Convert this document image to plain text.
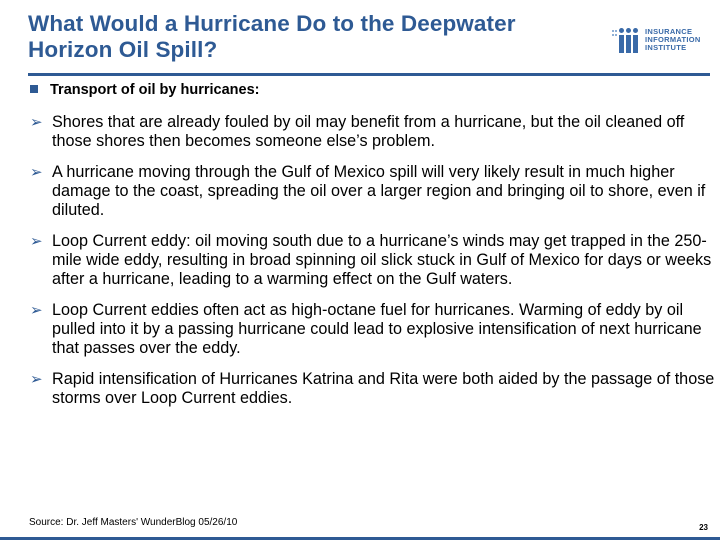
What Would a Hurricane Do to the Deepwater Horizon Oil Spill?
INSURANCE
INFORMATION
INSTITUTE
Transport of oil by hurricanes:
➢ Shores that are already fouled by oil may benefit from a hurricane, but the oil cleaned off those shores then becomes someone else’s problem.
➢ A hurricane moving through the Gulf of Mexico spill will very likely result in much higher damage to the coast, spreading the oil over a larger region and bringing oil to shore, even if diluted.
➢ Loop Current eddy: oil moving south due to a hurricane’s winds may get trapped in the 250-mile wide eddy, resulting in broad spinning oil slick stuck in Gulf of Mexico for days or weeks after a hurricane, leading to a warming effect on the Gulf waters.
➢ Loop Current eddies often act as high-octane fuel for hurricanes. Warming of eddy by oil pulled into it by a passing hurricane could lead to explosive intensification of next hurricane that passes over the eddy.
➢ Rapid intensification of Hurricanes Katrina and Rita were both aided by the passage of those storms over Loop Current eddies.
Source: Dr. Jeff Masters' WunderBlog 05/26/10	23
